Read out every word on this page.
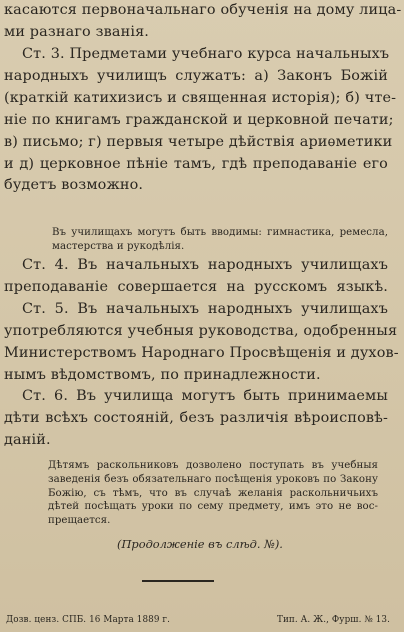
касаются первоначальнаго обученія на дому лица-
ми разнаго званія.
Ст. 3. Предметами учебнаго курса начальныхъ
народныхъ училищъ служатъ: а) Законъ Божій
(краткій катихизисъ и священная исторія); б) чте-
ніе по книгамъ гражданской и церковной печати;
в) письмо; г) первыя четыре дѣйствія ариѳметики
и д) церковное пѣніе тамъ, гдѣ преподаваніе его
будетъ возможно.
Въ училищахъ могутъ быть вводимы: гимнастика, ремесла,
мастерства и рукодѣлія.
Ст. 4. Въ начальныхъ народныхъ училищахъ
преподаваніе совершается на русскомъ языкѣ.
Ст. 5. Въ начальныхъ народныхъ училищахъ
употребляются учебныя руководства, одобренныя
Министерствомъ Народнаго Просвѣщенія и духов-
нымъ вѣдомствомъ, по принадлежности.
Ст. 6. Въ училища могутъ быть принимаемы
дѣти всѣхъ состояній, безъ различія вѣроисповѣ-
даній.
Дѣтямъ раскольниковъ дозволено поступать въ учебныя
заведенія безъ обязательнаго посѣщенія уроковъ по Закону
Божію, съ тѣмъ, что въ случаѣ желанія раскольничьихъ
дѣтей посѣщать уроки по сему предмету, имъ это не вос-
прещается.
(Продолженіе въ слѣд. №).
Дозв. ценз. СПБ. 16 Марта 1889 г.	Тип. А. Ж., Фурш. № 13.
